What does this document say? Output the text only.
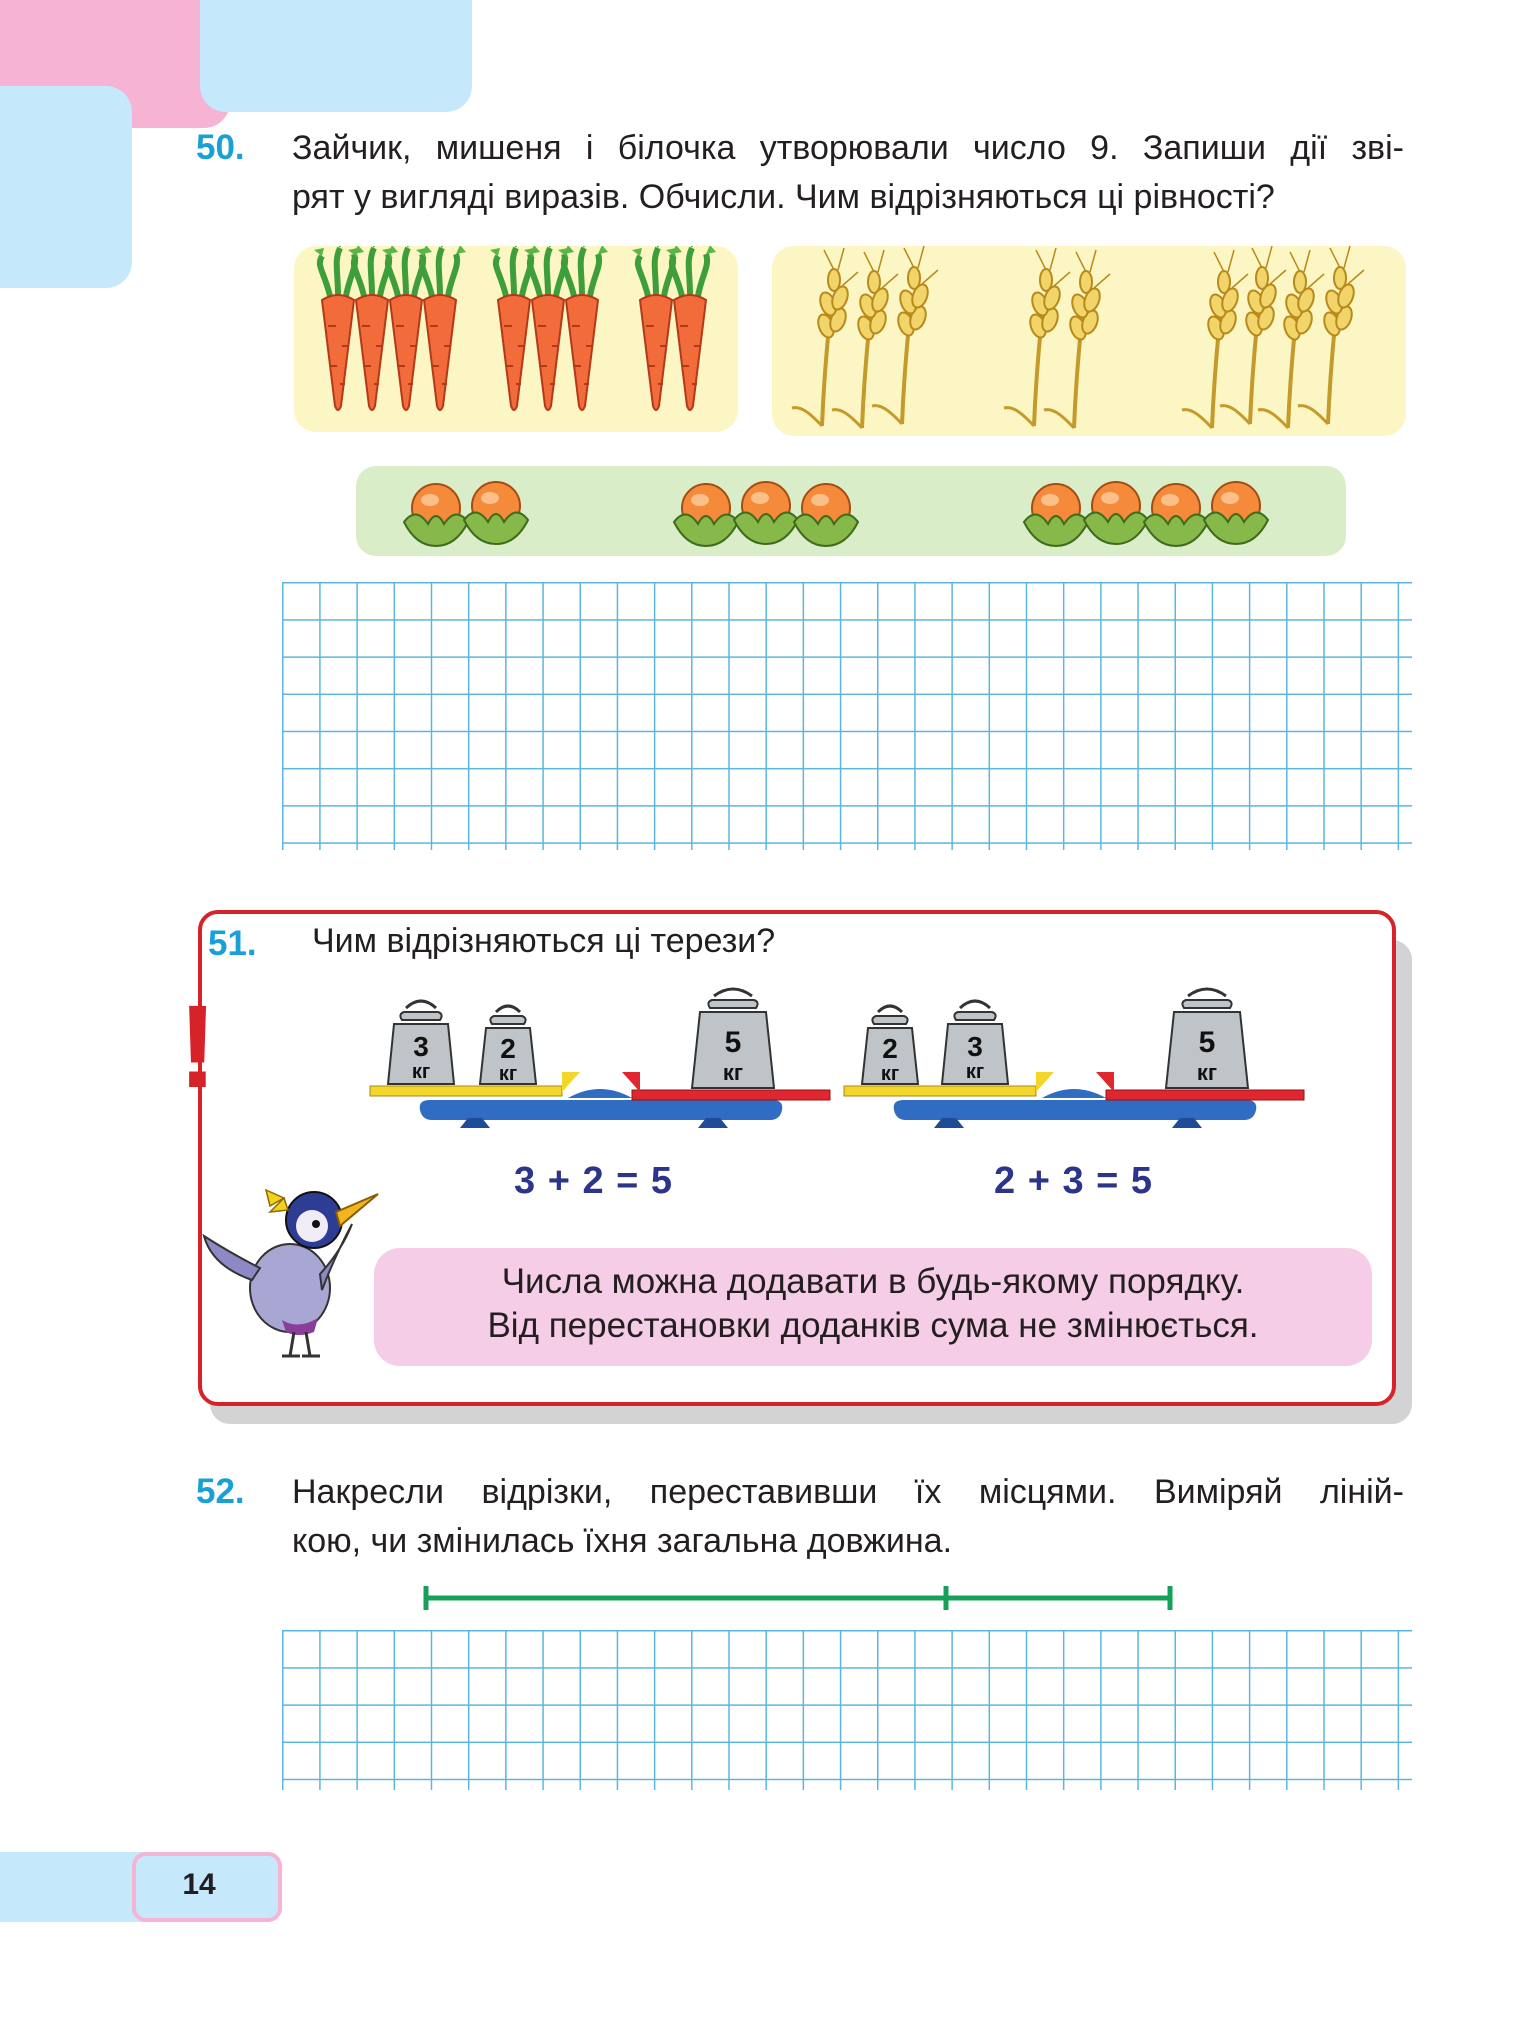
50. Зайчик, мишеня і білочка утворювали число 9. Запиши дії зві-
рят у вигляді виразів. Обчисли. Чим відрізняються ці рівності?
!
51. Чим відрізняються ці терези?
3
кг
2
кг
5
кг
2
кг
3
кг
5
кг
3 + 2 = 5	2 + 3 = 5
Числа можна додавати в будь-якому порядку.
Від перестановки доданків сума не змінюється.
52. Накресли відрізки, переставивши їх місцями. Виміряй ліній-
кою, чи змінилась їхня загальна довжина.
14
